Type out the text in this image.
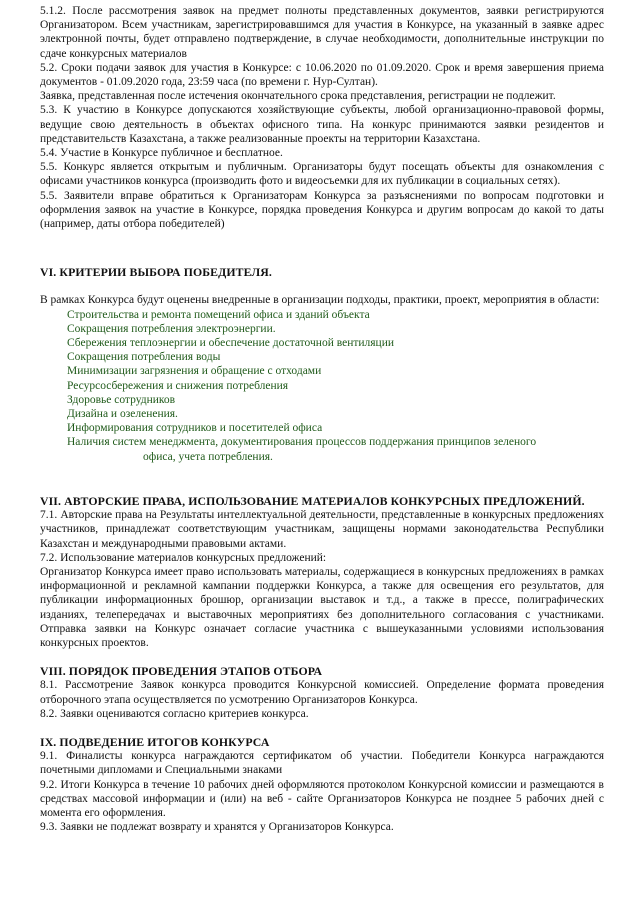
5.1.2. После рассмотрения заявок на предмет полноты представленных документов, заявки регистрируются Организатором. Всем участникам, зарегистрировавшимся для участия в Конкурсе, на указанный в заявке адрес электронной почты, будет отправлено подтверждение, в случае необходимости, дополнительные инструкции по сдаче конкурсных материалов

5.2. Сроки подачи заявок для участия в Конкурсе: с 10.06.2020 по 01.09.2020. Срок и время завершения приема документов - 01.09.2020 года, 23:59 часа (по времени г. Нур-Султан).

Заявка, представленная после истечения окончательного срока представления, регистрации не подлежит.

5.3. К участию в Конкурсе допускаются хозяйствующие субъекты, любой организационно-правовой формы, ведущие свою деятельность в объектах офисного типа. На конкурс принимаются заявки резидентов и представительств Казахстана, а также реализованные проекты на территории Казахстана.

5.4. Участие в Конкурсе публичное и бесплатное.

5.5. Конкурс является открытым и публичным. Организаторы будут посещать объекты для ознакомления с офисами участников конкурса (производить фото и видеосъемки для их публикации в социальных сетях).

5.5. Заявители вправе обратиться к Организаторам Конкурса за разъяснениями по вопросам подготовки и оформления заявок на участие в Конкурсе, порядка проведения Конкурса и другим вопросам до какой то даты (например, даты отбора победителей)

VI. КРИТЕРИИ ВЫБОРА ПОБЕДИТЕЛЯ.

В рамках Конкурса будут оценены внедренные в организации подходы, практики, проект, мероприятия в области:

Строительства и ремонта помещений офиса и зданий объекта
Сокращения потребления электроэнергии.
Сбережения теплоэнергии и обеспечение достаточной вентиляции
Сокращения потребления воды
Минимизации загрязнения и обращение с отходами
Ресурсосбережения и снижения потребления
Здоровье сотрудников
Дизайна и озеленения.
Информирования сотрудников и посетителей офиса
Наличия систем менеджмента, документирования процессов поддержания принципов зеленого
офиса, учета потребления.
VII. АВТОРСКИЕ ПРАВА, ИСПОЛЬЗОВАНИЕ МАТЕРИАЛОВ КОНКУРСНЫХ ПРЕДЛОЖЕНИЙ.

7.1. Авторские права на Результаты интеллектуальной деятельности, представленные в конкурсных предложениях участников, принадлежат соответствующим участникам, защищены нормами законодательства Республики Казахстан и международными правовыми актами.

7.2. Использование материалов конкурсных предложений:

Организатор Конкурса имеет право использовать материалы, содержащиеся в конкурсных предложениях в рамках информационной и рекламной кампании поддержки Конкурса, а также для освещения его результатов, для публикации информационных брошюр, организации выставок и т.д., а также в прессе, полиграфических изданиях, телепередачах и выставочных мероприятиях без дополнительного согласования с участниками. Отправка заявки на Конкурс означает согласие участника с вышеуказанными условиями использования конкурсных проектов.

VIII. ПОРЯДОК ПРОВЕДЕНИЯ ЭТАПОВ ОТБОРА

8.1. Рассмотрение Заявок конкурса проводится Конкурсной комиссией. Определение формата проведения отборочного этапа осуществляется по усмотрению Организаторов Конкурса.

8.2. Заявки оцениваются согласно критериев конкурса.

IX. ПОДВЕДЕНИЕ ИТОГОВ КОНКУРСА

9.1. Финалисты конкурса награждаются сертификатом об участии. Победители Конкурса награждаются почетными дипломами и Специальными знаками

9.2. Итоги Конкурса в течение 10 рабочих дней оформляются протоколом Конкурсной комиссии и размещаются в средствах массовой информации и (или) на веб - сайте Организаторов Конкурса не позднее 5 рабочих дней с момента его оформления.

9.3. Заявки не подлежат возврату и хранятся у Организаторов Конкурса.
